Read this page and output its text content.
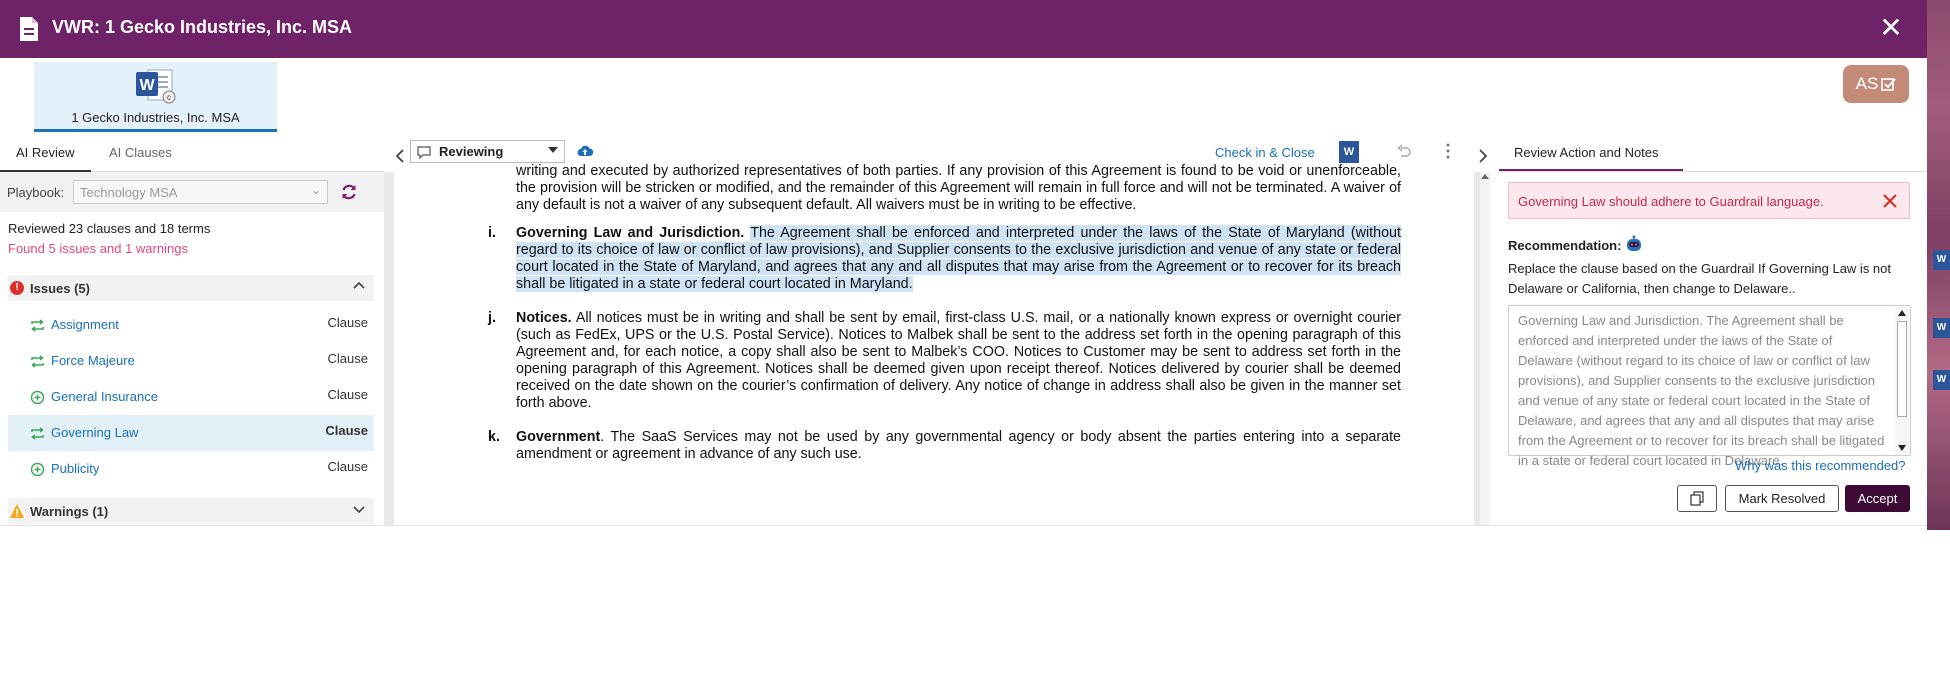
VWR: 1 Gecko Industries, Inc. MSA	✕
W
W
W
W
c
1 Gecko Industries, Inc. MSA
AS
AI Review	AI Clauses
Playbook:	Technology MSA	⌄
Reviewed 23 clauses and 18 terms
Found 5 issues and 1 warnings
! Issues (5)
Assignment	Clause
Force Majeure	Clause
General Insurance	Clause
Governing Law	Clause
Publicity	Clause
Warnings (1)
Reviewing	Check in & Close	W
writing and executed by authorized representatives of both parties. If any provision of this Agreement is found to be void or unenforceable, the provision will be stricken or modified, and the remainder of this Agreement will remain in full force and will not be terminated. A waiver of any default is not a waiver of any subsequent default. All waivers must be in writing to be effective.
i. Governing Law and Jurisdiction. The Agreement shall be enforced and interpreted under the laws of the State of Maryland (without regard to its choice of law or conflict of law provisions), and Supplier consents to the exclusive jurisdiction and venue of any state or federal court located in the State of Maryland, and agrees that any and all disputes that may arise from the Agreement or to recover for its breach shall be litigated in a state or federal court located in Maryland.
j. Notices. All notices must be in writing and shall be sent by email, first-class U.S. mail, or a nationally known express or overnight courier (such as FedEx, UPS or the U.S. Postal Service). Notices to Malbek shall be sent to the address set forth in the opening paragraph of this Agreement and, for each notice, a copy shall also be sent to Malbek’s COO. Notices to Customer may be sent to address set forth in the opening paragraph of this Agreement. Notices shall be deemed given upon receipt thereof. Notices delivered by courier shall be deemed received on the date shown on the courier’s confirmation of delivery. Any notice of change in address shall also be given in the manner set forth above.
k. Government. The SaaS Services may not be used by any governmental agency or body absent the parties entering into a separate amendment or agreement in advance of any such use.
Review Action and Notes
Governing Law should adhere to Guardrail language.
Recommendation:
Replace the clause based on the Guardrail If Governing Law is not Delaware or California, then change to Delaware..
Governing Law and Jurisdiction. The Agreement shall be enforced and interpreted under the laws of the State of Delaware (without regard to its choice of law or conflict of law provisions), and Supplier consents to the exclusive jurisdiction and venue of any state or federal court located in the State of Delaware, and agrees that any and all disputes that may arise from the Agreement or to recover for its breach shall be litigated in a state or federal court located in Delaware.
Why was this recommended?
Mark Resolved	Accept
